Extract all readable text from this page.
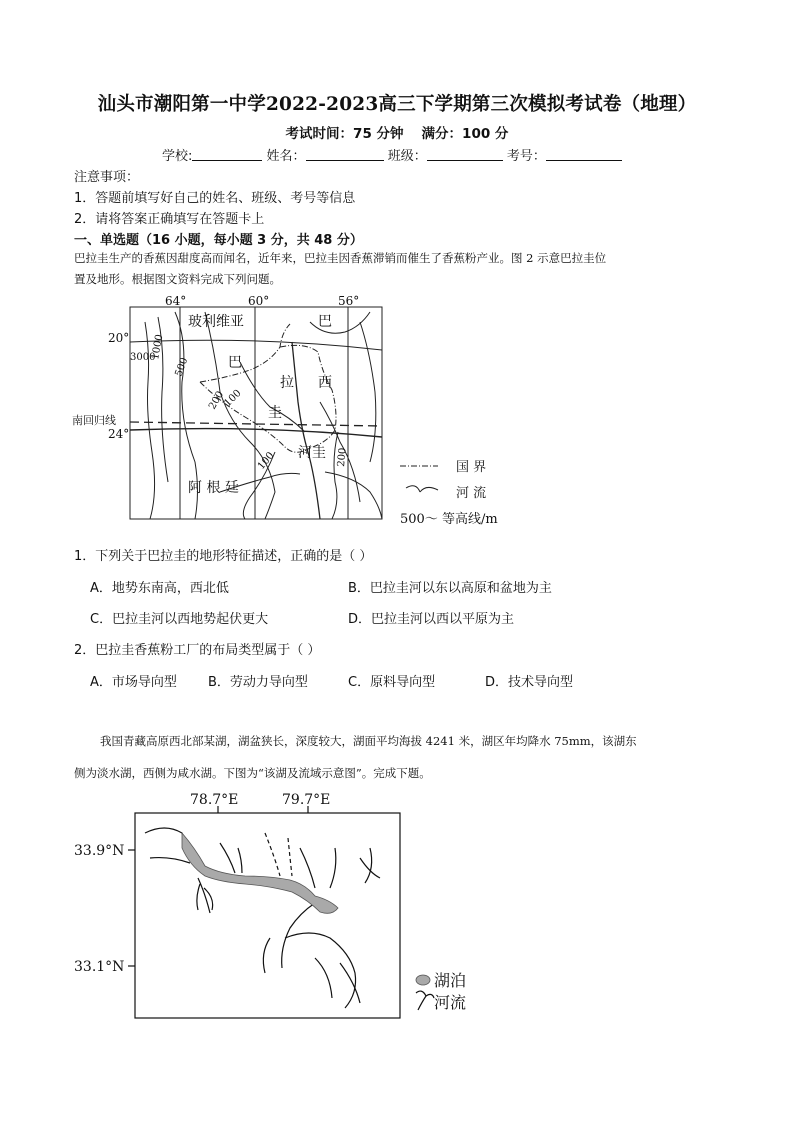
汕头市潮阳第一中学2022-2023高三下学期第三次模拟考试卷（地理）
考试时间：75 分钟 满分：100 分
学校:	姓名：	班级：	考号：
注意事项：
1．答题前填写好自己的姓名、班级、考号等信息
2．请将答案正确填写在答题卡上
一、单选题（16 小题，每小题 3 分，共 48 分）
巴拉圭生产的香蕉因甜度高而闻名，近年来，巴拉圭因香蕉滞销而催生了香蕉粉产业。图 2 示意巴拉圭位
置及地形。根据图文资料完成下列问题。
64°	60°	56°
20°
24°
南回归线
玻利维亚	巴
西
巴
拉
圭
阿 根 廷
河圭
3000
1000
500
200
100
200
100	国 界
河 流
500～ 等高线/m
1．下列关于巴拉圭的地形特征描述，正确的是（ ）
A．地势东南高，西北低	B．巴拉圭河以东以高原和盆地为主
C．巴拉圭河以西地势起伏更大	D．巴拉圭河以西以平原为主
2．巴拉圭香蕉粉工厂的布局类型属于（ ）
A．市场导向型 B．劳动力导向型	C．原料导向型	D．技术导向型
我国青藏高原西北部某湖，湖盆狭长，深度较大，湖面平均海拔 4241 米，湖区年均降水 75mm，该湖东
侧为淡水湖，西侧为咸水湖。下图为“该湖及流域示意图”。完成下题。
78.7°E	79.7°E
33.9°N
33.1°N
湖泊
河流
